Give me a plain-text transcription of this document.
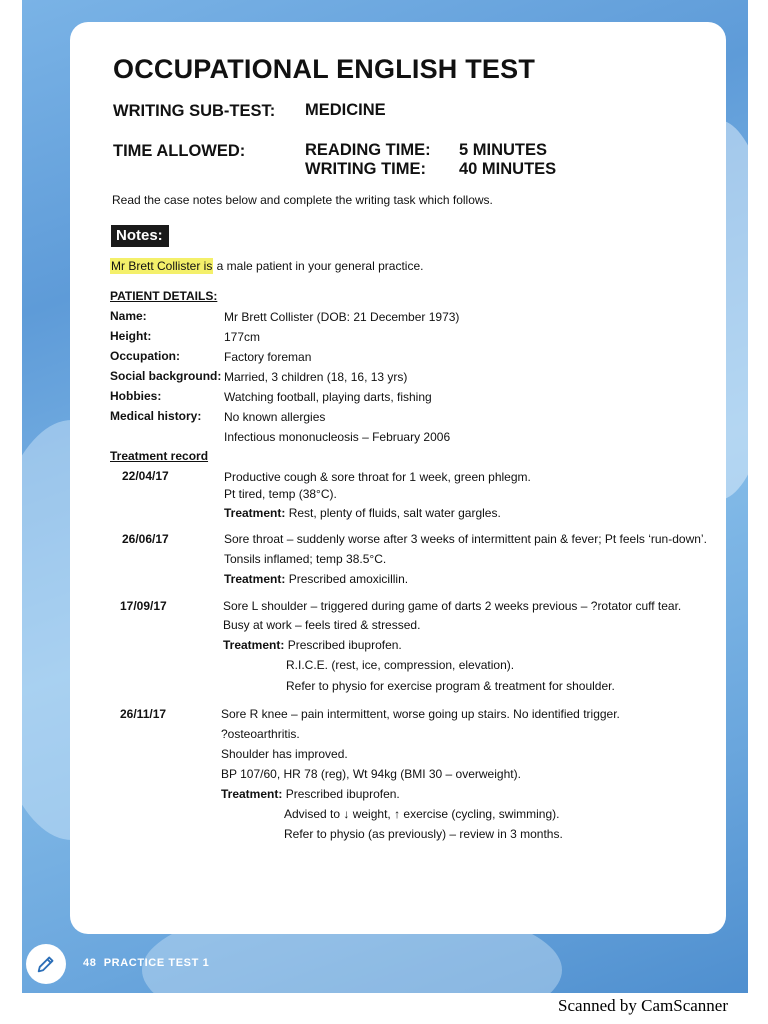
OCCUPATIONAL ENGLISH TEST
WRITING SUB-TEST: MEDICINE
TIME ALLOWED:	READING TIME: 5 MINUTES
WRITING TIME: 40 MINUTES
Read the case notes below and complete the writing task which follows.
Notes:
Mr Brett Collister is a male patient in your general practice.
PATIENT DETAILS:
Name:	Mr Brett Collister (DOB: 21 December 1973)
Height:	177cm
Occupation:	Factory foreman
Social background: Married, 3 children (18, 16, 13 yrs)
Hobbies:	Watching football, playing darts, fishing
Medical history: No known allergies
Infectious mononucleosis – February 2006
Treatment record
22/04/17	Productive cough & sore throat for 1 week, green phlegm.
Pt tired, temp (38°C).
Treatment: Rest, plenty of fluids, salt water gargles.
26/06/17	Sore throat – suddenly worse after 3 weeks of intermittent pain & fever; Pt feels ‘run-down’.
Tonsils inflamed; temp 38.5°C.
Treatment: Prescribed amoxicillin.
17/09/17	Sore L shoulder – triggered during game of darts 2 weeks previous – ?rotator cuff tear.
Busy at work – feels tired & stressed.
Treatment: Prescribed ibuprofen.
R.I.C.E. (rest, ice, compression, elevation).
Refer to physio for exercise program & treatment for shoulder.
26/11/17	Sore R knee – pain intermittent, worse going up stairs. No identified trigger.
?osteoarthritis.
Shoulder has improved.
BP 107/60, HR 78 (reg), Wt 94kg (BMI 30 – overweight).
Treatment: Prescribed ibuprofen.
Advised to ↓ weight, ↑ exercise (cycling, swimming).
Refer to physio (as previously) – review in 3 months.
48 PRACTICE TEST 1
Scanned by CamScanner
